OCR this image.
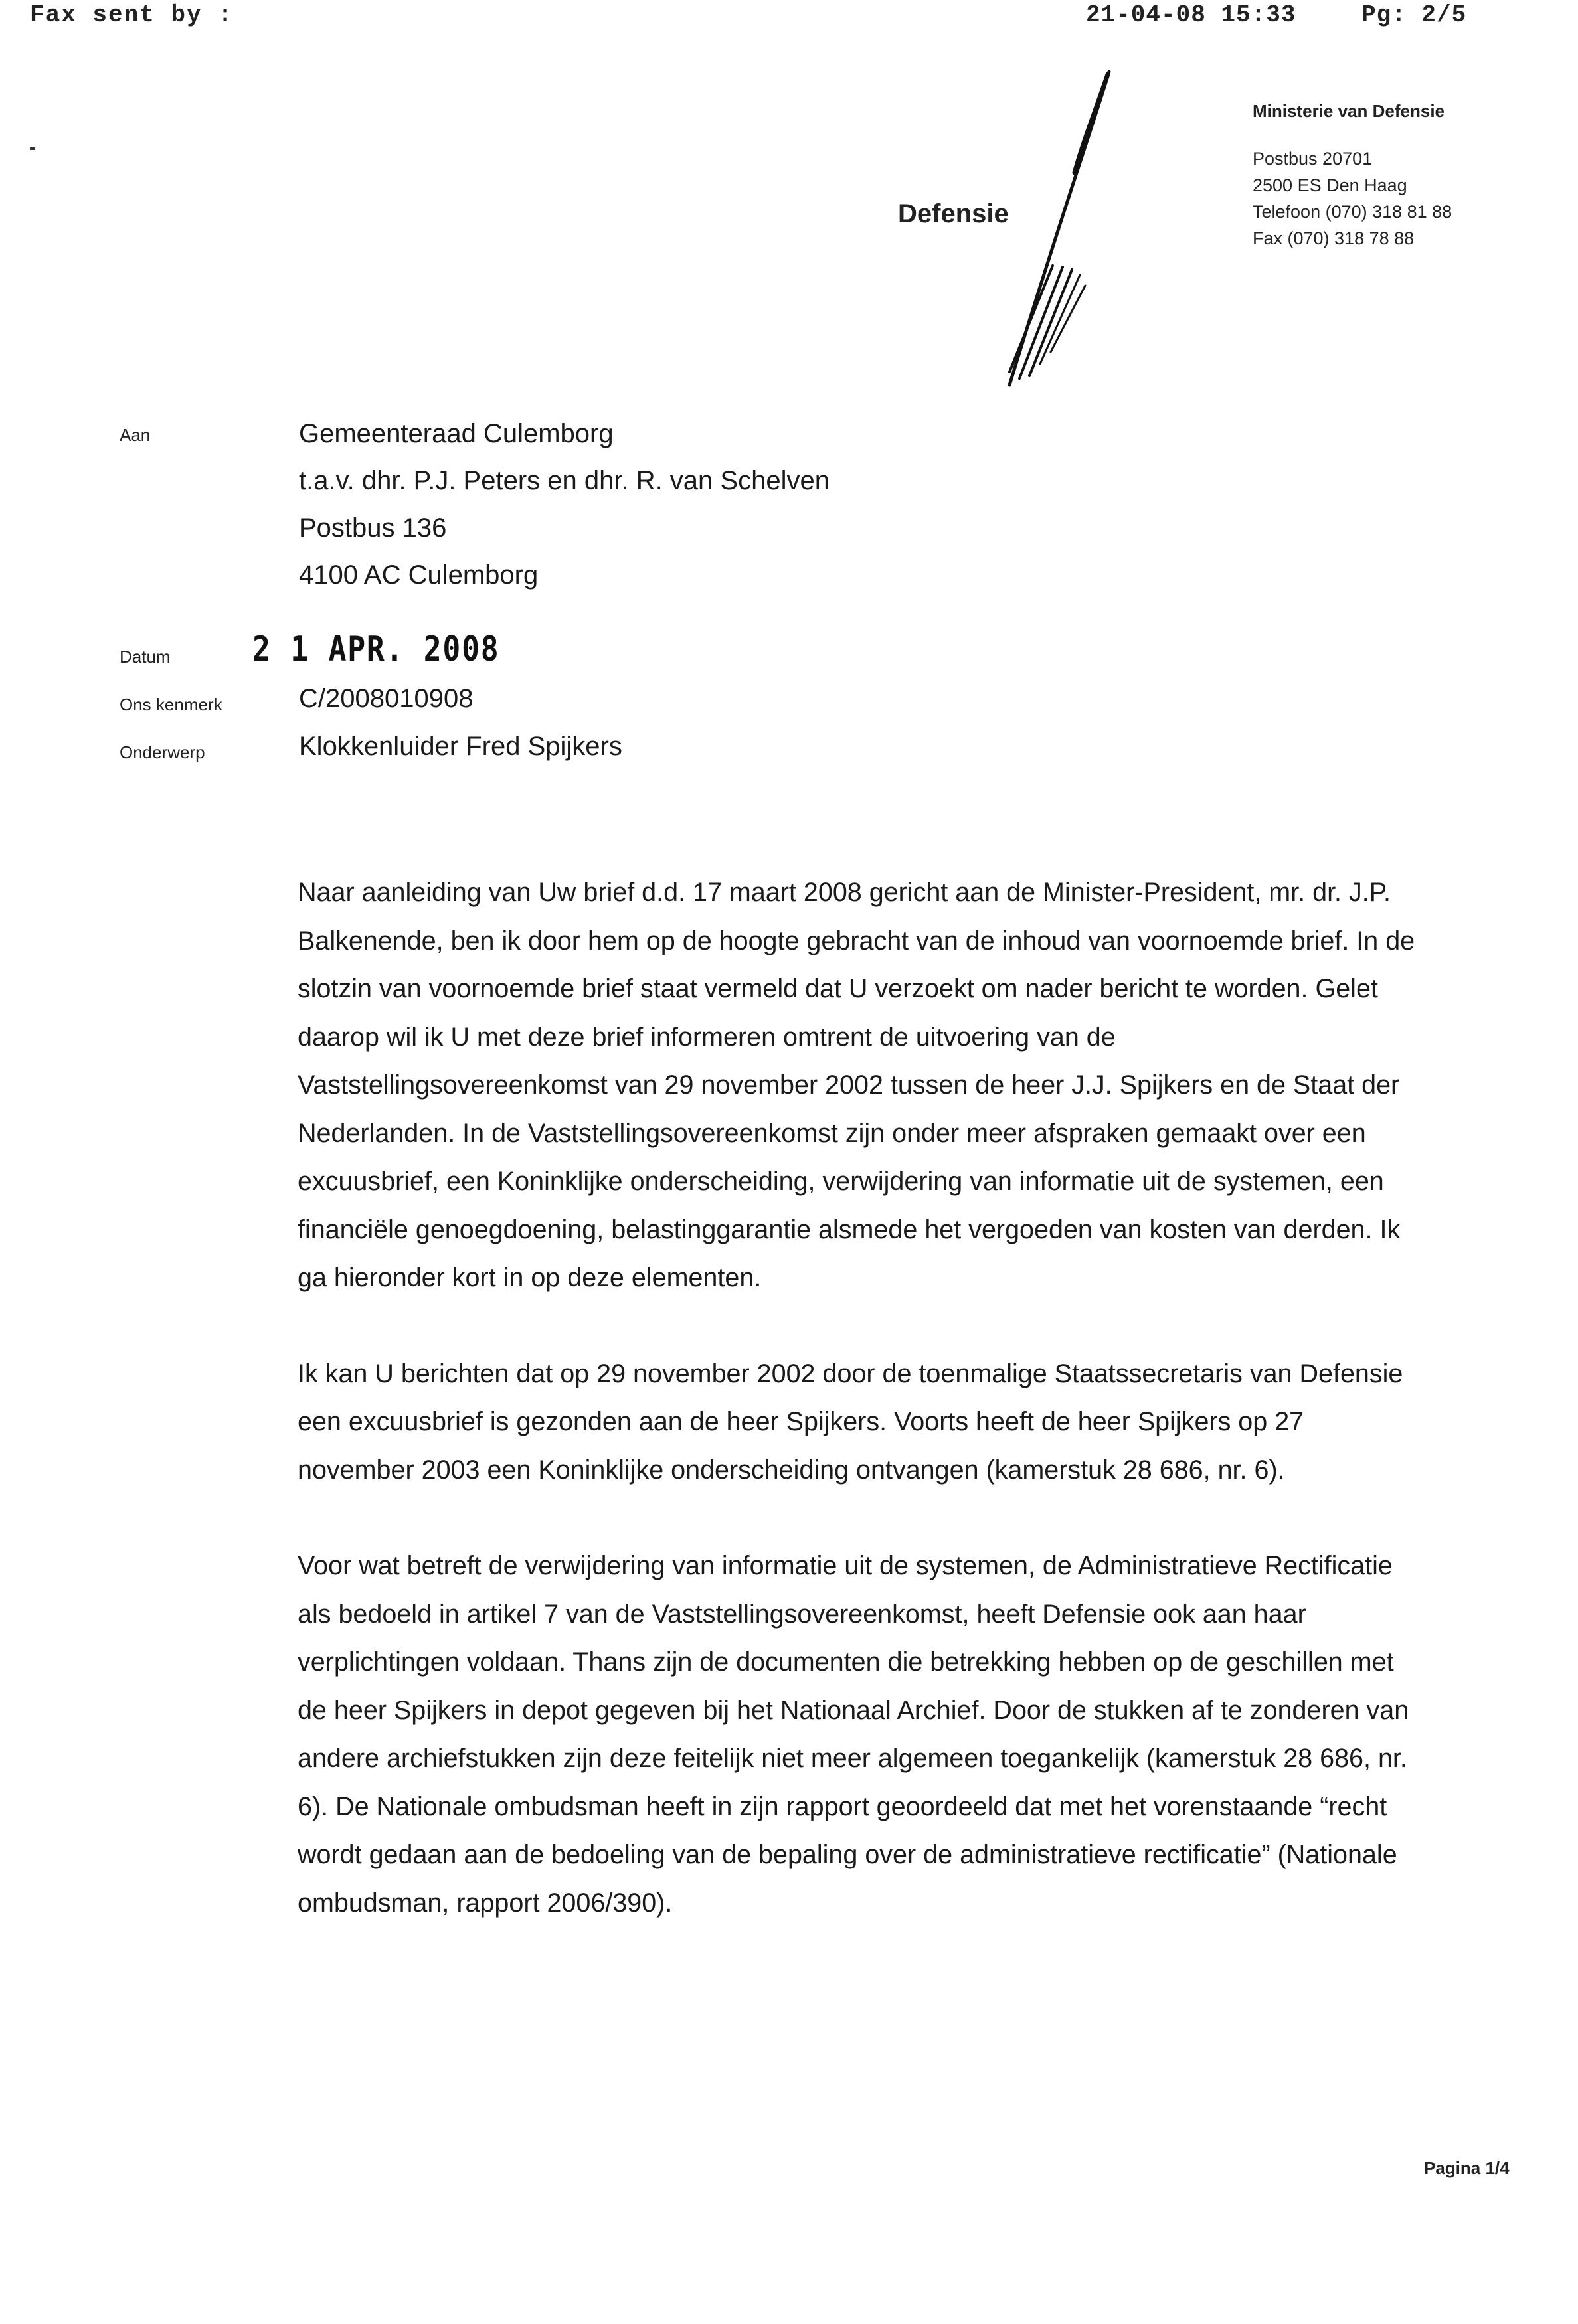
Fax sent by :	21-04-08 15:33	Pg: 2/5
Defensie
Ministerie van Defensie
Postbus 20701
2500 ES Den Haag
Telefoon (070) 318 81 88
Fax (070) 318 78 88
Aan	Gemeenteraad Culemborg
t.a.v. dhr. P.J. Peters en dhr. R. van Schelven
Postbus 136
4100 AC Culemborg
Datum 2 1 APR. 2008
Ons kenmerk	C/2008010908
Onderwerp	Klokkenluider Fred Spijkers

Naar aanleiding van Uw brief d.d. 17 maart 2008 gericht aan de Minister-President, mr. dr. J.P. Balkenende, ben ik door hem op de hoogte gebracht van de inhoud van voornoemde brief. In de slotzin van voornoemde brief staat vermeld dat U verzoekt om nader bericht te worden. Gelet daarop wil ik U met deze brief informeren omtrent de uitvoering van de Vaststellingsovereenkomst van 29 november 2002 tussen de heer J.J. Spijkers en de Staat der Nederlanden. In de Vaststellingsovereenkomst zijn onder meer afspraken gemaakt over een excuusbrief, een Koninklijke onderscheiding, verwijdering van informatie uit de systemen, een financiële genoegdoening, belastinggarantie alsmede het vergoeden van kosten van derden. Ik ga hieronder kort in op deze elementen.

Ik kan U berichten dat op 29 november 2002 door de toenmalige Staatssecretaris van Defensie een excuusbrief is gezonden aan de heer Spijkers. Voorts heeft de heer Spijkers op 27 november 2003 een Koninklijke onderscheiding ontvangen (kamerstuk 28 686, nr. 6).

Voor wat betreft de verwijdering van informatie uit de systemen, de Administratieve Rectificatie als bedoeld in artikel 7 van de Vaststellingsovereenkomst, heeft Defensie ook aan haar verplichtingen voldaan. Thans zijn de documenten die betrekking hebben op de geschillen met de heer Spijkers in depot gegeven bij het Nationaal Archief. Door de stukken af te zonderen van andere archiefstukken zijn deze feitelijk niet meer algemeen toegankelijk (kamerstuk 28 686, nr. 6). De Nationale ombudsman heeft in zijn rapport geoordeeld dat met het vorenstaande “recht wordt gedaan aan de bedoeling van de bepaling over de administratieve rectificatie” (Nationale ombudsman, rapport 2006/390).

Pagina 1/4
